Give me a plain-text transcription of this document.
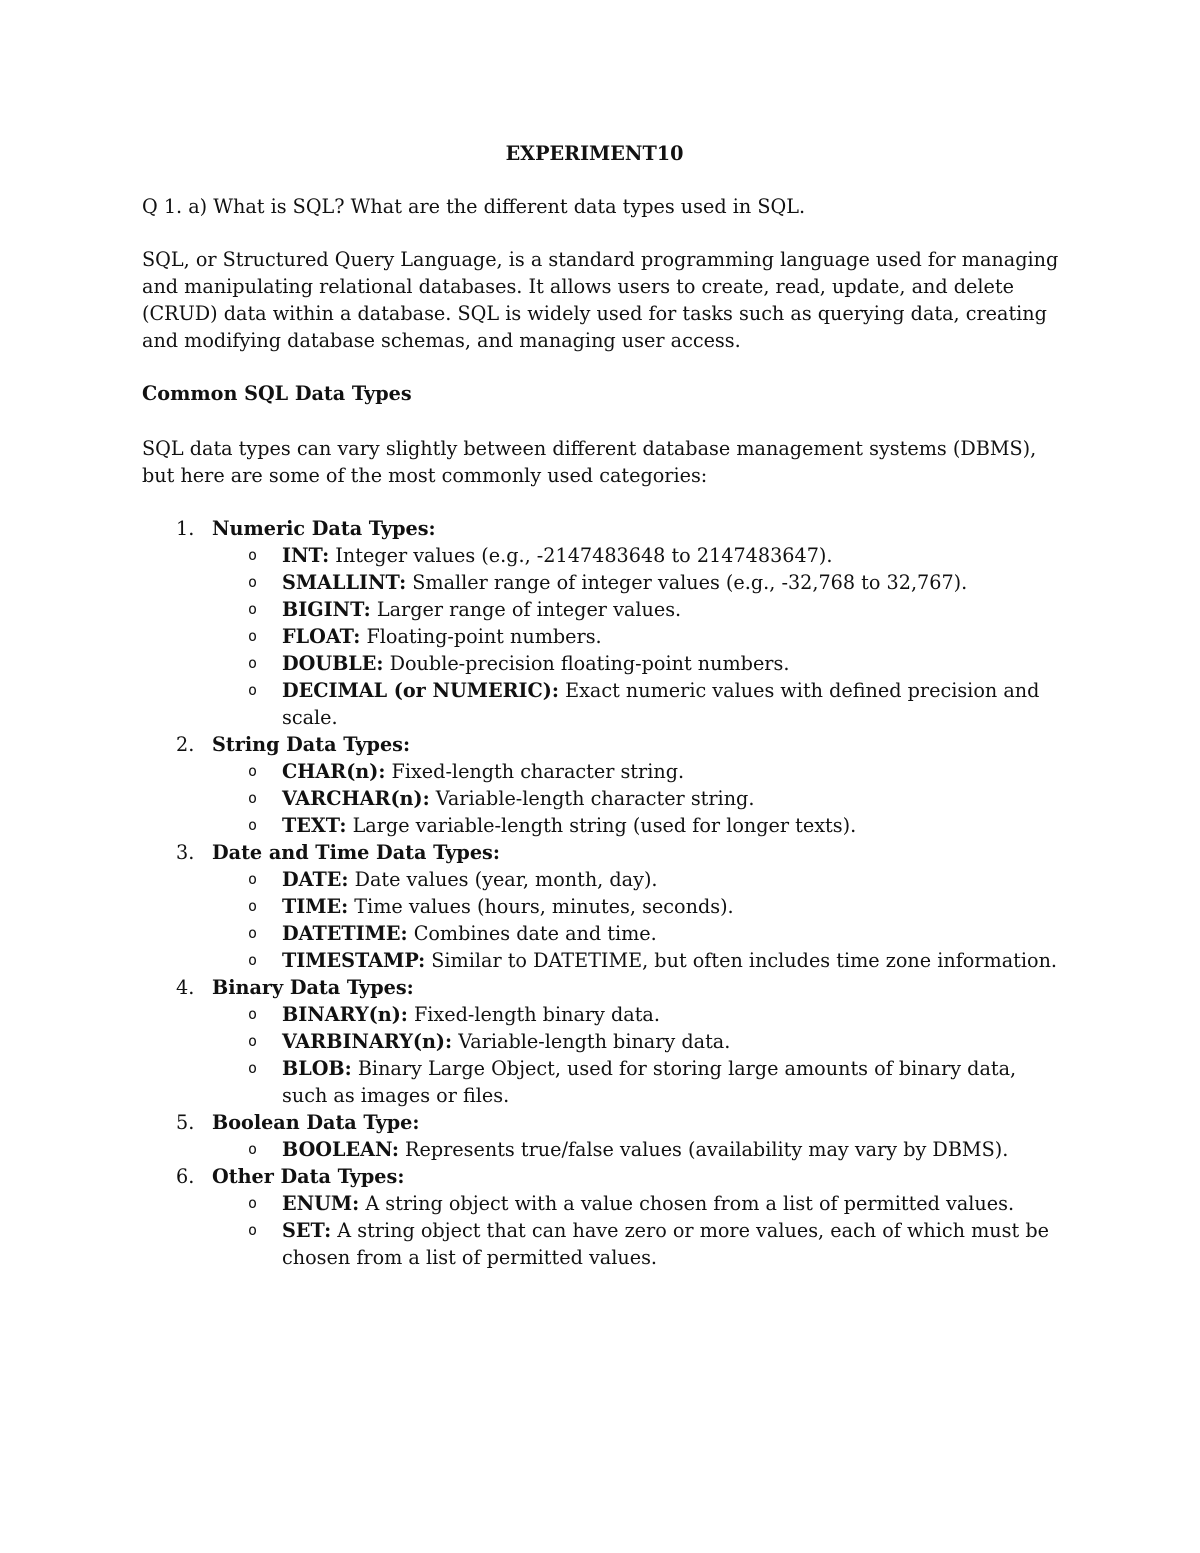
EXPERIMENT10
Q 1. a) What is SQL? What are the different data types used in SQL.
SQL, or Structured Query Language, is a standard programming language used for managing and manipulating relational databases. It allows users to create, read, update, and delete (CRUD) data within a database. SQL is widely used for tasks such as querying data, creating and modifying database schemas, and managing user access.
Common SQL Data Types
SQL data types can vary slightly between different database management systems (DBMS), but here are some of the most commonly used categories:
1. Numeric Data Types:
o	INT: Integer values (e.g., -2147483648 to 2147483647).
o	SMALLINT: Smaller range of integer values (e.g., -32,768 to 32,767).
o	BIGINT: Larger range of integer values.
o	FLOAT: Floating-point numbers.
o	DOUBLE: Double-precision floating-point numbers.
o	DECIMAL (or NUMERIC): Exact numeric values with defined precision and scale.
2. String Data Types:
o	CHAR(n): Fixed-length character string.
o	VARCHAR(n): Variable-length character string.
o	TEXT: Large variable-length string (used for longer texts).
3. Date and Time Data Types:
o	DATE: Date values (year, month, day).
o	TIME: Time values (hours, minutes, seconds).
o	DATETIME: Combines date and time.
o	TIMESTAMP: Similar to DATETIME, but often includes time zone information.
4. Binary Data Types:
o	BINARY(n): Fixed-length binary data.
o	VARBINARY(n): Variable-length binary data.
o	BLOB: Binary Large Object, used for storing large amounts of binary data, such as images or files.
5. Boolean Data Type:
o	BOOLEAN: Represents true/false values (availability may vary by DBMS).
6. Other Data Types:
o	ENUM: A string object with a value chosen from a list of permitted values.
o	SET: A string object that can have zero or more values, each of which must be chosen from a list of permitted values.
